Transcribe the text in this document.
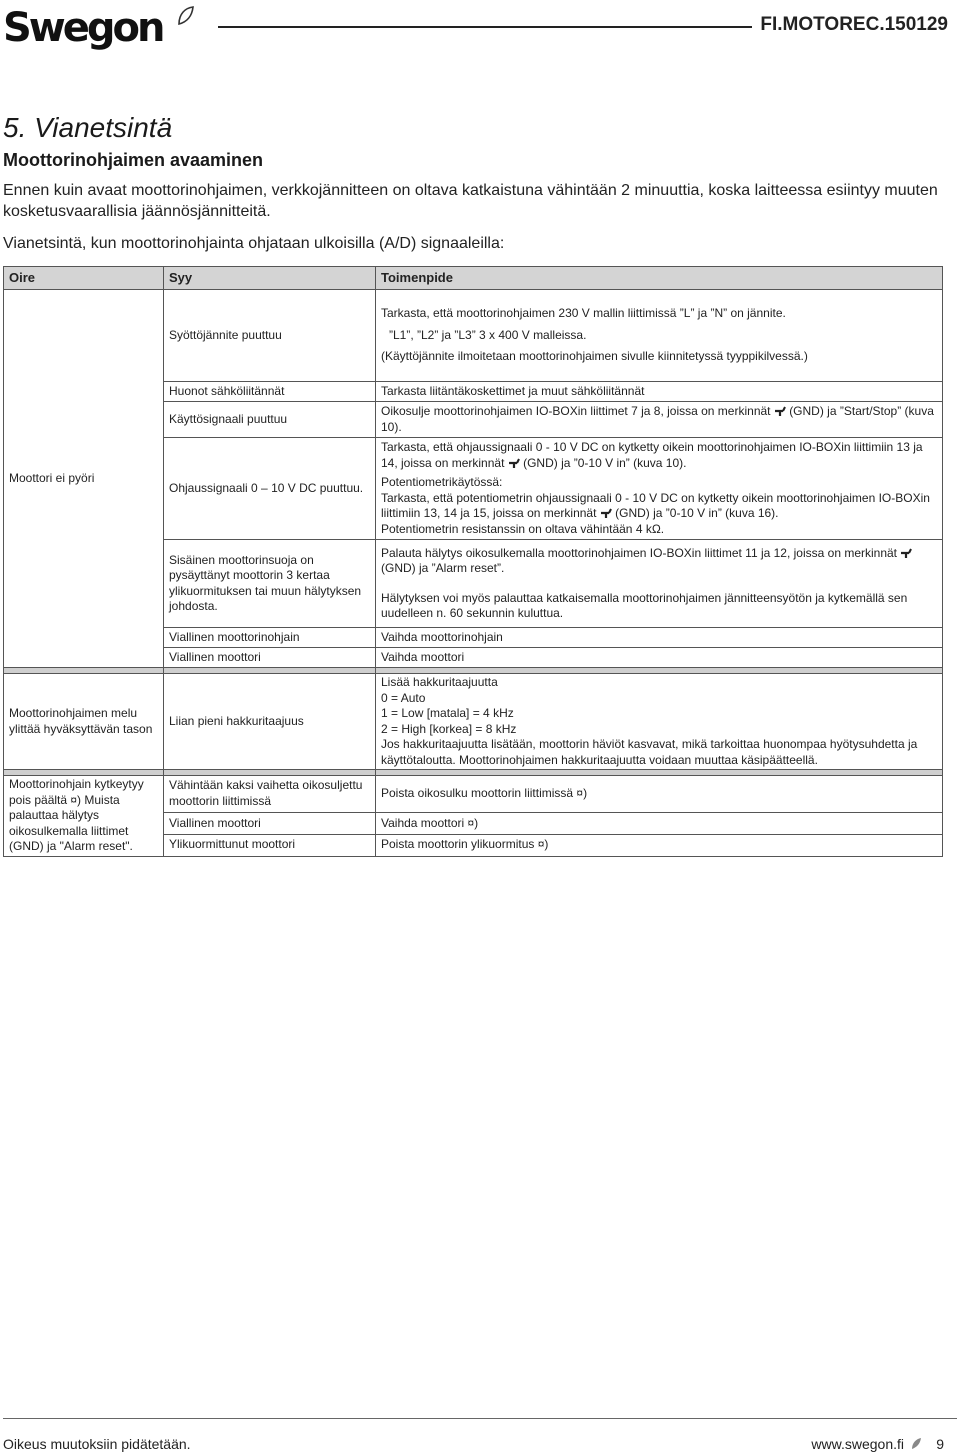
Swegon	FI.MOTOREC.150129
5. Vianetsintä
Moottorinohjaimen avaaminen
Ennen kuin avaat moottorinohjaimen, verkkojännitteen on oltava katkaistuna vähintään 2 minuuttia, koska laitteessa esiintyy muuten kosketusvaarallisia jäännösjännitteitä.
Vianetsintä, kun moottorinohjainta ohjataan ulkoisilla (A/D) signaaleilla:
Oire	Syy	Toimenpide
Moottori ei pyöri	Syöttöjännite puuttuu	Tarkasta, että moottorinohjaimen 230 V mallin liittimissä ”L” ja ”N” on jännite.
”L1”, ”L2” ja ”L3” 3 x 400 V malleissa.
(Käyttöjännite ilmoitetaan moottorinohjaimen sivulle kiinnitetyssä tyyppikilvessä.)

	Huonot sähköliitännät	Tarkasta liitäntäkoskettimet ja muut sähköliitännät
	Käyttösignaali puuttuu	Oikosulje moottorinohjaimen IO-BOXin liittimet 7 ja 8, joissa on merkinnät (GND) ja ”Start/Stop” (kuva 10).
	Ohjaussignaali 0 – 10 V DC puuttuu.	Tarkasta, että ohjaussignaali 0 - 10 V DC on kytketty oikein moottorinohjaimen IO-BOXin liittimiin 13 ja 14, joissa on merkinnät (GND) ja ”0-10 V in” (kuva 10).
Potentiometrikäytössä:
Tarkasta, että potentiometrin ohjaussignaali 0 - 10 V DC on kytketty oikein moottorinohjaimen IO-BOXin liittimiin 13, 14 ja 15, joissa on merkinnät (GND) ja ”0-10 V in” (kuva 16).
Potentiometrin resistanssin on oltava vähintään 4 kΩ.

	Sisäinen moottorinsuoja on pysäyttänyt moottorin 3 kertaa ylikuormituksen tai muun hälytyksen johdosta.	Palauta hälytys oikosulkemalla moottorinohjaimen IO-BOXin liittimet 11 ja 12, joissa on merkinnät  (GND) ja ”Alarm reset”.
Hälytyksen voi myös palauttaa katkaisemalla moottorinohjaimen jännitteensyötön ja kytkemällä sen uudelleen n. 60 sekunnin kuluttua.

	Viallinen moottorinohjain	Vaihda moottorinohjain
	Viallinen moottori	Vaihda moottori

Moottorinohjaimen melu ylittää hyväksyttävän tason	Liian pieni hakkuritaajuus	Lisää hakkuritaajuutta
0 = Auto
1 = Low [matala] = 4 kHz
2 = High [korkea] = 8 kHz
Jos hakkuritaajuutta lisätään, moottorin häviöt kasvavat, mikä tarkoittaa huonompaa hyötysuhdetta ja käyttötaloutta. Moottorinohjaimen hakkuritaajuutta voidaan muuttaa käsipäätteellä.

Moottorinohjain kytkeytyy pois päältä ¤) Muista palauttaa hälytys oikosulkemalla liittimet (GND) ja "Alarm reset".	Vähintään kaksi vaihetta oikosuljettu moottorin liittimissä	Poista oikosulku moottorin liittimissä ¤)
	Viallinen moottori	Vaihda moottori ¤)
	Ylikuormittunut moottori	Poista moottorin ylikuormitus ¤)
Oikeus muutoksiin pidätetään.	www.swegon.fi 9
